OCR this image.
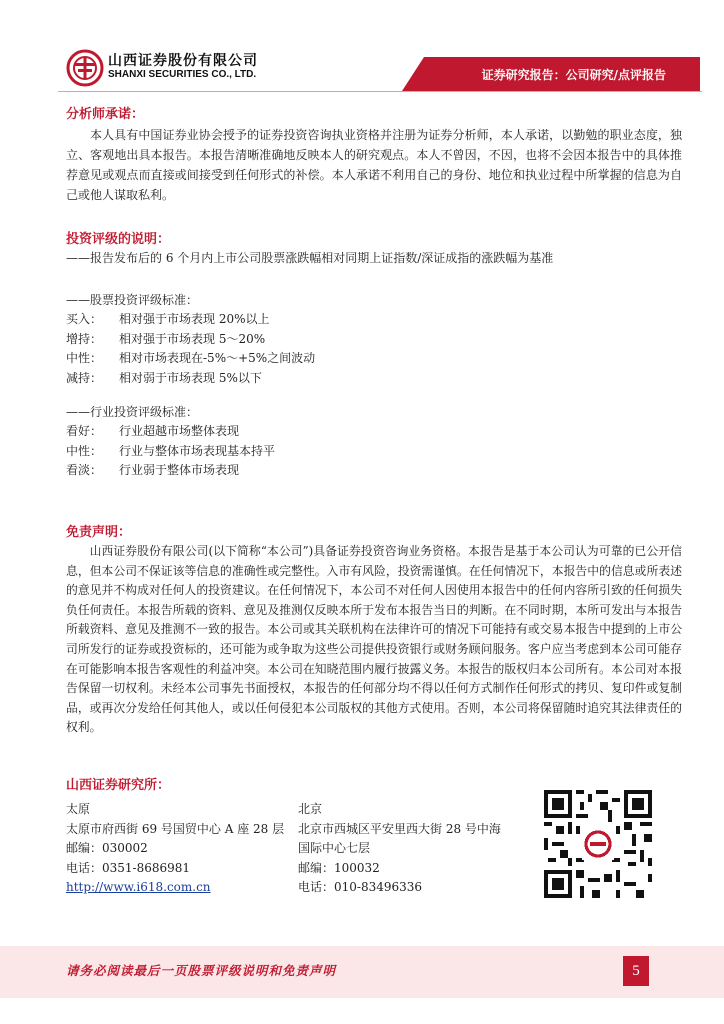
山西证券股份有限公司
SHANXI SECURITIES CO., LTD.	证券研究报告：公司研究/点评报告
分析师承诺：

本人具有中国证券业协会授予的证券投资咨询执业资格并注册为证券分析师，本人承诺，以勤勉的职业态度，独立、客观地出具本报告。本报告清晰准确地反映本人的研究观点。本人不曾因，不因，也将不会因本报告中的具体推荐意见或观点而直接或间接受到任何形式的补偿。本人承诺不利用自己的身份、地位和执业过程中所掌握的信息为自己或他人谋取私利。

投资评级的说明：
——报告发布后的 6 个月内上市公司股票涨跌幅相对同期上证指数/深证成指的涨跌幅为基准
——股票投资评级标准：
买入：	相对强于市场表现 20%以上
增持：	相对强于市场表现 5～20%
中性：	相对市场表现在-5%～+5%之间波动
减持：	相对弱于市场表现 5%以下
——行业投资评级标准：
看好：	行业超越市场整体表现
中性：	行业与整体市场表现基本持平
看淡：	行业弱于整体市场表现
免责声明：

山西证券股份有限公司(以下简称“本公司”)具备证券投资咨询业务资格。本报告是基于本公司认为可靠的已公开信息，但本公司不保证该等信息的准确性或完整性。入市有风险，投资需谨慎。在任何情况下，本报告中的信息或所表述的意见并不构成对任何人的投资建议。在任何情况下，本公司不对任何人因使用本报告中的任何内容所引致的任何损失负任何责任。本报告所载的资料、意见及推测仅反映本所于发布本报告当日的判断。在不同时期，本所可发出与本报告所载资料、意见及推测不一致的报告。本公司或其关联机构在法律许可的情况下可能持有或交易本报告中提到的上市公司所发行的证券或投资标的，还可能为或争取为这些公司提供投资银行或财务顾问服务。客户应当考虑到本公司可能存在可能影响本报告客观性的利益冲突。本公司在知晓范围内履行披露义务。本报告的版权归本公司所有。本公司对本报告保留一切权利。未经本公司事先书面授权，本报告的任何部分均不得以任何方式制作任何形式的拷贝、复印件或复制品，或再次分发给任何其他人，或以任何侵犯本公司版权的其他方式使用。否则，本公司将保留随时追究其法律责任的权利。

山西证券研究所：
太原
太原市府西街 69 号国贸中心 A 座 28 层
邮编：030002
电话：0351-8686981
http://www.i618.com.cn
北京
北京市西城区平安里西大街 28 号中海
国际中心七层
邮编：100032
电话：010-83496336
请务必阅读最后一页股票评级说明和免责声明	5
